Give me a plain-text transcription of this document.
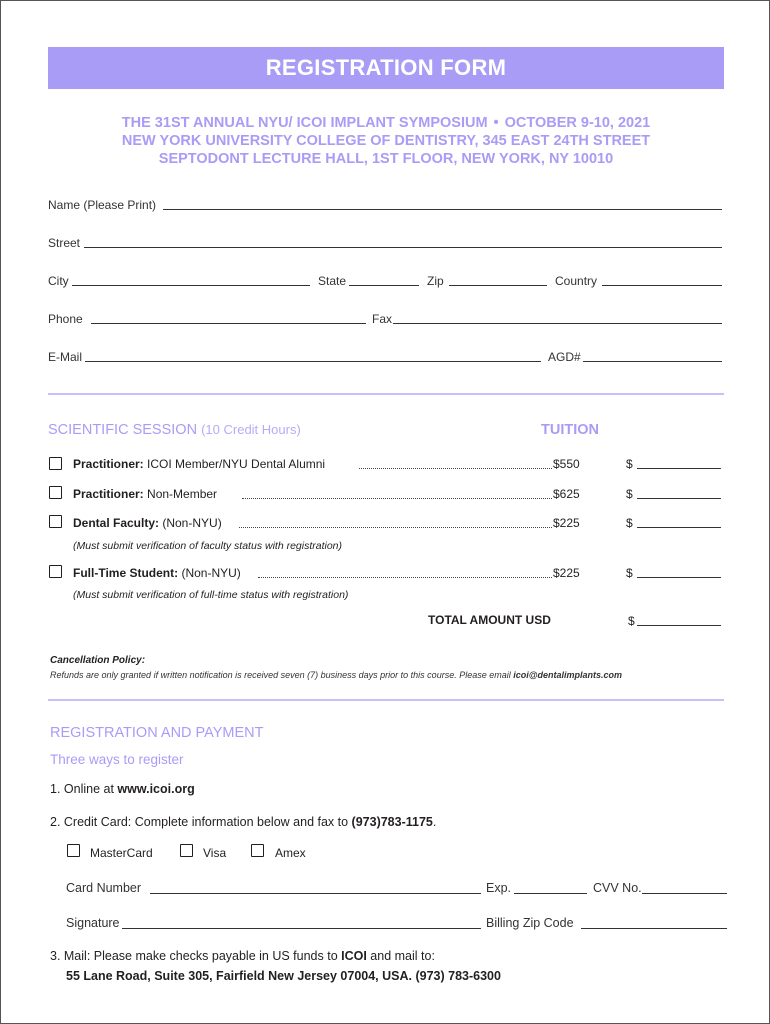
REGISTRATION FORM
THE 31ST ANNUAL NYU/ ICOI IMPLANT SYMPOSIUM • OCTOBER 9-10, 2021
NEW YORK UNIVERSITY COLLEGE OF DENTISTRY, 345 EAST 24TH STREET
SEPTODONT LECTURE HALL, 1ST FLOOR, NEW YORK, NY 10010
Name (Please Print)
Street
City	State	Zip	Country
Phone	Fax
E-Mail	AGD#
SCIENTIFIC SESSION (10 Credit Hours)	TUITION
Practitioner: ICOI Member/NYU Dental Alumni	$550	$
Practitioner: Non-Member	$625	$
Dental Faculty: (Non-NYU)	$225	$
(Must submit verification of faculty status with registration)
Full-Time Student: (Non-NYU)	$225	$
(Must submit verification of full-time status with registration)
TOTAL AMOUNT USD	$
Cancellation Policy:
Refunds are only granted if written notification is received seven (7) business days prior to this course. Please email icoi@dentalimplants.com
REGISTRATION AND PAYMENT
Three ways to register
1. Online at www.icoi.org
2. Credit Card: Complete information below and fax to (973)783-1175.
MasterCard	Visa	Amex
Card Number	Exp.	CVV No.
Signature	Billing Zip Code
3. Mail: Please make checks payable in US funds to ICOI and mail to:
55 Lane Road, Suite 305, Fairfield New Jersey 07004, USA. (973) 783-6300
